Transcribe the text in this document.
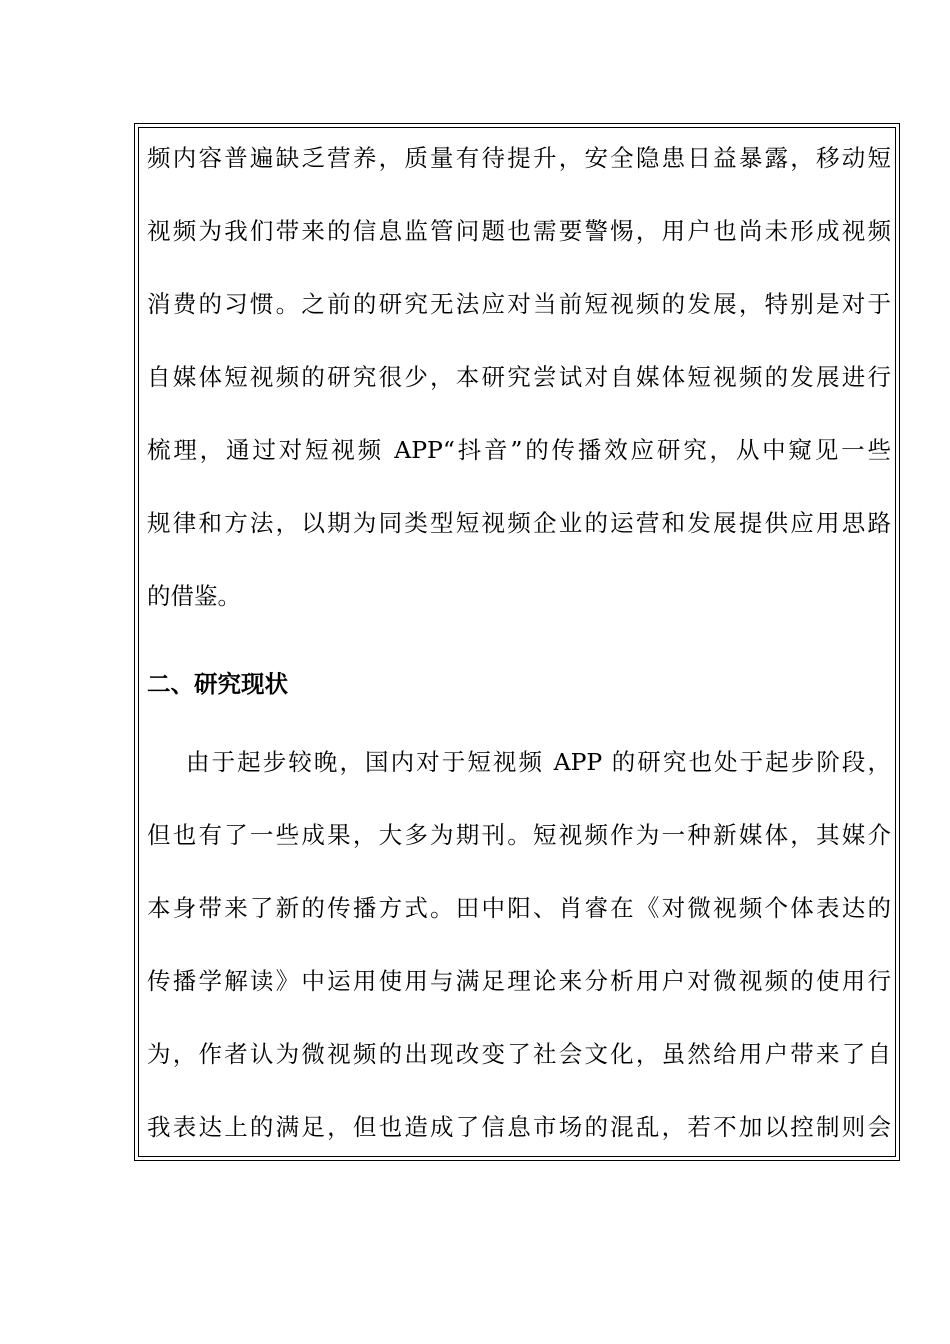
频内容普遍缺乏营养，质量有待提升，安全隐患日益暴露，移动短
视频为我们带来的信息监管问题也需要警惕，用户也尚未形成视频
消费的习惯。之前的研究无法应对当前短视频的发展，特别是对于
自媒体短视频的研究很少，本研究尝试对自媒体短视频的发展进行
梳理，通过对短视频 APP“抖音”的传播效应研究，从中窥见一些
规律和方法，以期为同类型短视频企业的运营和发展提供应用思路
的借鉴。
二、研究现状
由于起步较晚，国内对于短视频 APP 的研究也处于起步阶段，
但也有了一些成果，大多为期刊。短视频作为一种新媒体，其媒介
本身带来了新的传播方式。田中阳、肖睿在《对微视频个体表达的
传播学解读》中运用使用与满足理论来分析用户对微视频的使用行
为，作者认为微视频的出现改变了社会文化，虽然给用户带来了自
我表达上的满足，但也造成了信息市场的混乱，若不加以控制则会
